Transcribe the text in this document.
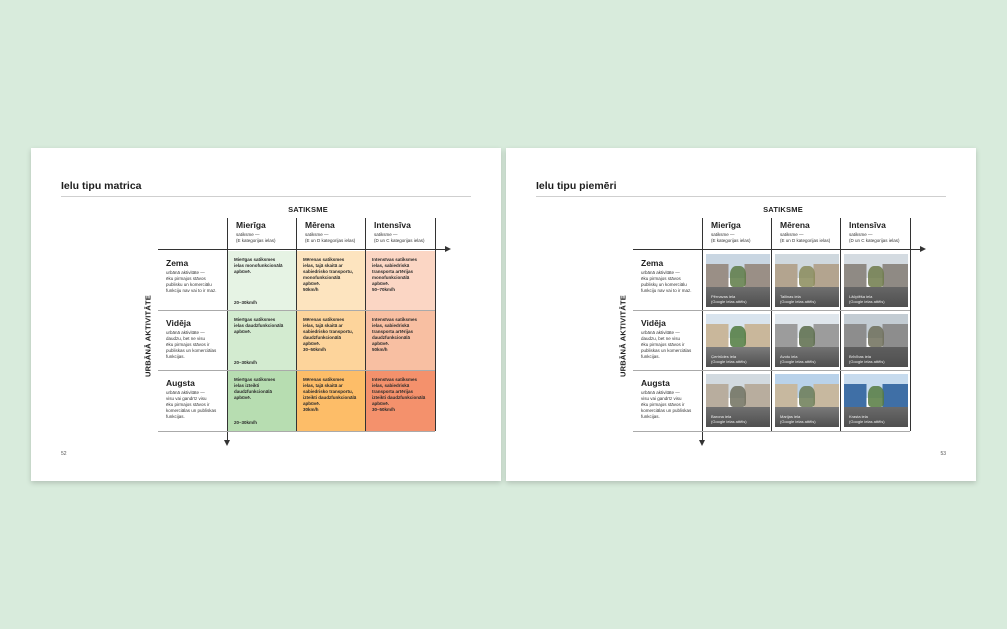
Ielu tipu matrica
SATIKSME
URBĀNĀ AKTIVITĀTE
Mierīga
satiksme —
(E kategorijas ielas)
Mērena
satiksme —
(E un D kategorijas ielas)
Intensīva
satiksme —
(D un C kategorijas ielas)
Zema
urbānā aktivitāte —
ēku pirmajos stāvos
publisku un komerciālu
funkciju nav vai to ir maz.
Vidēja
urbānā aktivitāte —
daudzu, bet ne visu
ēku pirmajos stāvos ir
publiskas un komerciālas
funkcijas.
Augsta
urbānā aktivitāte —
visu vai gandrīz visu
ēku pirmajos stāvos ir
komerciālas un publiskas
funkcijas.
Mierīgas satiksmes
ielas monofunkcionālā
apbūvē.
20–30km/h
Mērenas satiksmes
ielas, tajā skaitā ar
sabiedrisko transportu,
monofunkcionālā
apbūvē.
50km/h
Intensīvas satiksmes
ielas, sabiedriskā
transporta artērijas
monofunkcionālā
apbūvē.
50–70km/h
Mierīgas satiksmes
ielas daudzfunkcionālā
apbūvē.
20–30km/h
Mērenas satiksmes
ielas, tajā skaitā ar
sabiedrisko transportu,
daudzfunkcionālā
apbūvē.
30–50km/h
Intensīvas satiksmes
ielas, sabiedriskā
transporta artērijas
daudzfunkcionālā
apbūvē.
50km/h
Mierīgas satiksmes
ielas izteikti
daudzfunkcionālā
apbūvē.
20–30km/h
Mērenas satiksmes
ielas, tajā skaitā ar
sabiedrisko transportu,
izteikti daudzfunkcionālā
apbūvē.
30km/h
Intensīvas satiksmes
ielas, sabiedriskā
transporta artērijas
izteikti daudzfunkcionālā
apbūvē.
30–50km/h
52
Ielu tipu piemēri
SATIKSME
URBĀNĀ AKTIVITĀTE
Mierīga
satiksme —
(E kategorijas ielas)
Mērena
satiksme —
(E un D kategorijas ielas)
Intensīva
satiksme —
(D un C kategorijas ielas)
Zema
urbānā aktivitāte —
ēku pirmajos stāvos
publiskų un komerciālu
funkciju nav vai to ir maz.
Vidēja
urbānā aktivitāte —
daudzu, bet ne visu
ēku pirmajos stāvos ir
publiskas un komerciālas
funkcijas.
Augsta
urbānā aktivitāte —
visu vai gandrīz visu
ēku pirmajos stāvos ir
komerciālas un publiskas
funkcijas.
Pērnavas iela
(Google ielas attēls)
Tallinas iela
(Google ielas attēls)
Lāčplēša iela
(Google ielas attēls)
Ģertrūdes iela
(Google ielas attēls)
Avotu iela
(Google ielas attēls)
Brīvības iela
(Google ielas attēls)
Barona iela
(Google ielas attēls)
Marijas iela
(Google ielas attēls)
Krasta iela
(Google ielas attēls)
53
